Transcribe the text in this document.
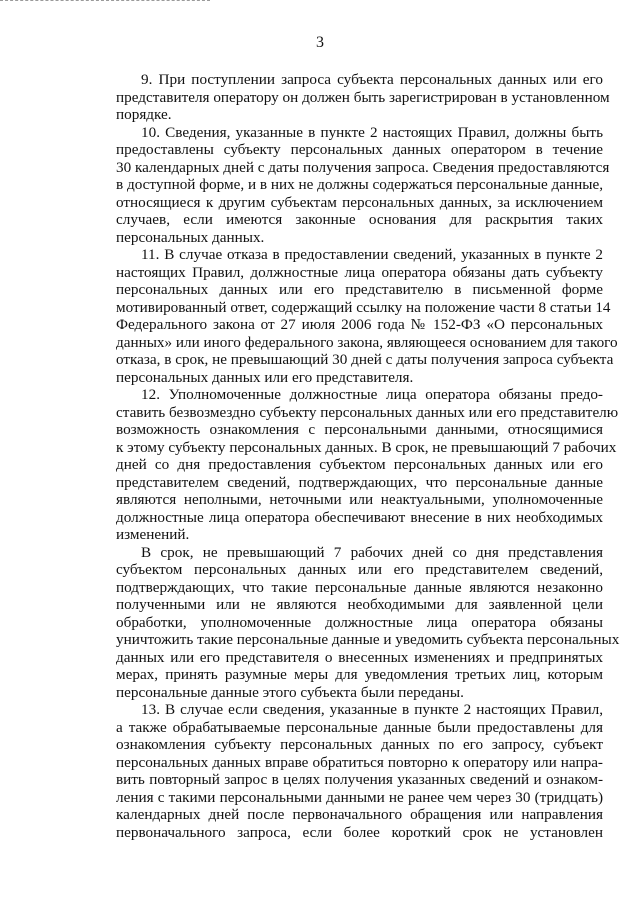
3
9. При поступлении запроса субъекта персональных данных или его
представителя оператору он должен быть зарегистрирован в установленном
порядке.
10. Сведения, указанные в пункте 2 настоящих Правил, должны быть
предоставлены субъекту персональных данных оператором в течение
30 календарных дней с даты получения запроса. Сведения предоставляются
в доступной форме, и в них не должны содержаться персональные данные,
относящиеся к другим субъектам персональных данных, за исключением
случаев, если имеются законные основания для раскрытия таких
персональных данных.
11. В случае отказа в предоставлении сведений, указанных в пункте 2
настоящих Правил, должностные лица оператора обязаны дать субъекту
персональных данных или его представителю в письменной форме
мотивированный ответ, содержащий ссылку на положение части 8 статьи 14
Федерального закона от 27 июля 2006 года № 152-ФЗ «О персональных
данных» или иного федерального закона, являющееся основанием для такого
отказа, в срок, не превышающий 30 дней с даты получения запроса субъекта
персональных данных или его представителя.
12. Уполномоченные должностные лица оператора обязаны предо-
ставить безвозмездно субъекту персональных данных или его представителю
возможность ознакомления с персональными данными, относящимися
к этому субъекту персональных данных. В срок, не превышающий 7 рабочих
дней со дня предоставления субъектом персональных данных или его
представителем сведений, подтверждающих, что персональные данные
являются неполными, неточными или неактуальными, уполномоченные
должностные лица оператора обеспечивают внесение в них необходимых
изменений.
В срок, не превышающий 7 рабочих дней со дня представления
субъектом персональных данных или его представителем сведений,
подтверждающих, что такие персональные данные являются незаконно
полученными или не являются необходимыми для заявленной цели
обработки, уполномоченные должностные лица оператора обязаны
уничтожить такие персональные данные и уведомить субъекта персональных
данных или его представителя о внесенных изменениях и предпринятых
мерах, принять разумные меры для уведомления третьих лиц, которым
персональные данные этого субъекта были переданы.
13. В случае если сведения, указанные в пункте 2 настоящих Правил,
а также обрабатываемые персональные данные были предоставлены для
ознакомления субъекту персональных данных по его запросу, субъект
персональных данных вправе обратиться повторно к оператору или напра-
вить повторный запрос в целях получения указанных сведений и ознаком-
ления с такими персональными данными не ранее чем через 30 (тридцать)
календарных дней после первоначального обращения или направления
первоначального запроса, если более короткий срок не установлен
